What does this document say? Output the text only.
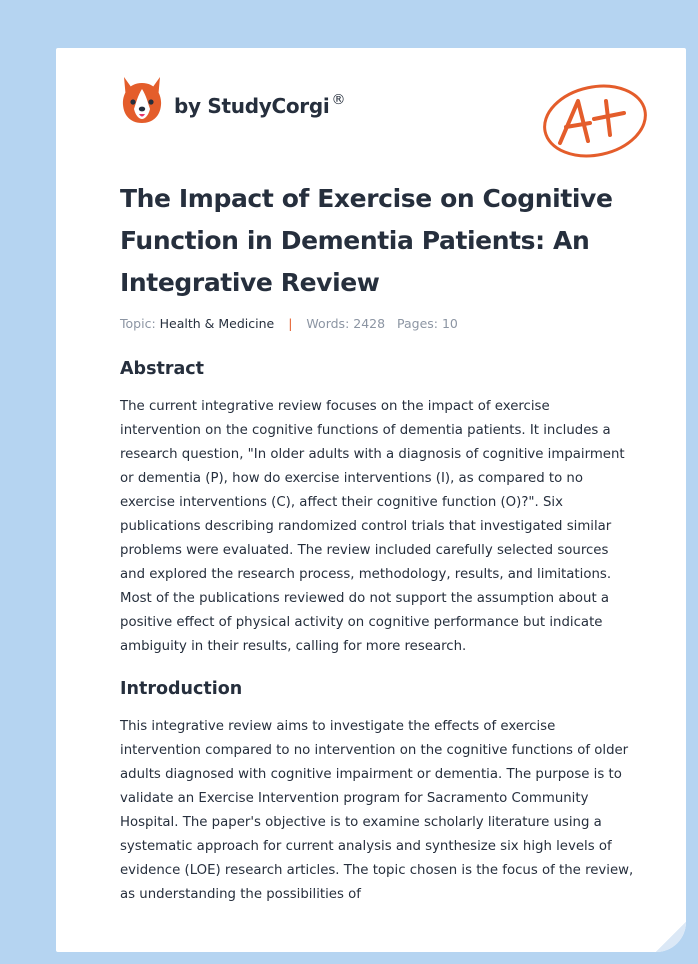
by StudyCorgi ®
The Impact of Exercise on Cognitive Function in Dementia Patients: An Integrative Review
Topic: Health & Medicine | Words: 2428 Pages: 10
Abstract

The current integrative review focuses on the impact of exercise intervention on the cognitive functions of dementia patients. It includes a research question, "In older adults with a diagnosis of cognitive impairment or dementia (P), how do exercise interventions (I), as compared to no exercise interventions (C), affect their cognitive function (O)?". Six publications describing randomized control trials that investigated similar problems were evaluated. The review included carefully selected sources and explored the research process, methodology, results, and limitations. Most of the publications reviewed do not support the assumption about a positive effect of physical activity on cognitive performance but indicate ambiguity in their results, calling for more research.

Introduction

This integrative review aims to investigate the effects of exercise intervention compared to no intervention on the cognitive functions of older adults diagnosed with cognitive impairment or dementia. The purpose is to validate an Exercise Intervention program for Sacramento Community Hospital. The paper's objective is to examine scholarly literature using a systematic approach for current analysis and synthesize six high levels of evidence (LOE) research articles. The topic chosen is the focus of the review, as understanding the possibilities of
